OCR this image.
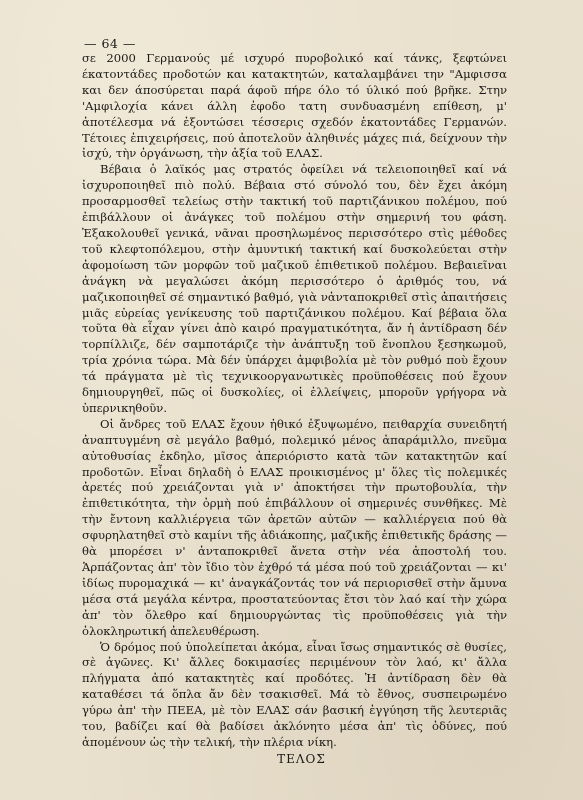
— 64 —

σε 2000 Γερμανούς μέ ισχυρό πυροβολικό καί τάνκς, ξεφτώνει έκατοντάδες προδοτών και κατακτητών, καταλαμβάνει την "Αμφισσα και δεν άποσύρεται παρά άφοῦ πήρε όλο τό ύλικό πού βρῆκε. Στην 'Αμφιλοχία κάνει άλλη ἐφοδο τατη συνδυασμένη επίθεση, μ' ἀποτέλεσμα νά ἐξοντώσει τέσσερις σχεδόν ἑκατοντάδες Γερμανών. Τέτοιες ἐπιχειρήσεις, πού ἀποτελοῦν ἀληθινές μάχες πιά, δείχνουν τὴν ἰσχύ, τὴν ὀργάνωση, τὴν ἀξία τοῦ ΕΛΑΣ.

Βέβαια ὁ λαϊκός μας στρατός ὀφείλει νά τελειοποιηθεῖ καί νά ἰσχυροποιηθεῖ πιὸ πολύ. Βέβαια στό σύνολό του, δὲν ἔχει ἀκόμη προσαρμοσθεῖ τελείως στὴν τακτική τοῦ παρτιζάνικου πολέμου, πού ἐπιβάλλουν οἱ ἀνάγκες τοῦ πολέμου στὴν σημερινή του φάση. Ἐξακολουθεῖ γενικά, νᾶναι προσηλωμένος περισσότερο στὶς μέθοδες τοῦ κλεφτοπόλεμου, στὴν ἀμυντική τακτική καί δυσκολεύεται στὴν ἀφομοίωση τῶν μορφῶν τοῦ μαζικοῦ ἐπιθετικοῦ πολέμου. Βεβαιεῖναι ἀνάγκη νὰ μεγαλώσει ἀκόμη περισσότερο ὁ ἀριθμός του, νά μαζικοποιηθεῖ σέ σημαντικό βαθμό, γιὰ νἀνταποκριθεῖ στὶς ἀπαιτήσεις μιᾶς εὑρείας γενίκευσης τοῦ παρτιζάνικου πολέμου. Καί βέβαια ὅλα τοῦτα θὰ εἶχαν γίνει ἀπὸ καιρό πραγματικότητα, ἄν ἡ ἀντίδραση δέν τορπίλλιζε, δέν σαμποτάριζε τὴν ἀνάπτυξη τοῦ ἔνοπλου ξεσηκωμοῦ, τρία χρόνια τώρα. Μὰ δέν ὑπάρχει ἀμφιβολία μὲ τὸν ρυθμό ποὺ ἔχουν τά πράγματα μὲ τὶς τεχνικοοργανωτικὲς προϋποθέσεις πού ἔχουν δημιουργηθεῖ, πῶς οἱ δυσκολίες, οἱ ἐλλείψεις, μποροῦν γρήγορα νὰ ὑπερνικηθοῦν.

Οἱ ἄνδρες τοῦ ΕΛΑΣ ἔχουν ἠθικό ἐξυψωμένο, πειθαρχία συνειδητή ἀναπτυγμένη σὲ μεγάλο βαθμό, πολεμικό μένος ἀπαράμιλλο, πνεῦμα αὐτοθυσίας ἐκδηλο, μῖσος ἀπεριόριστο κατὰ τῶν κατακτητῶν καί προδοτῶν. Εἶναι δηλαδὴ ὁ ΕΛΑΣ προικισμένος μ' ὅλες τὶς πολεμικές ἀρετές πού χρειάζονται γιὰ ν' ἀποκτήσει τὴν πρωτοβουλία, τὴν ἐπιθετικότητα, τὴν ὁρμὴ πού ἐπιβάλλουν οἱ σημερινές συνθῆκες. Μὲ τὴν ἔντονη καλλιέργεια τῶν ἀρετῶν αὐτῶν — καλλιέργεια πού θὰ σφυρηλατηθεῖ στὸ καμίνι τῆς ἀδιάκοπης, μαζικῆς ἐπιθετικῆς δράσης — θὰ μπορέσει ν' ἀνταποκριθεῖ ἄνετα στὴν νέα ἀποστολή του. Ἁρπάζοντας ἀπ' τὸν ἴδιο τὸν ἐχθρό τά μέσα πού τοῦ χρειάζονται — κι' ἰδίως πυρομαχικά — κι' ἀναγκάζοντάς τον νά περιορισθεῖ στὴν ἄμυνα μέσα στά μεγάλα κέντρα, προστατεύοντας ἔτσι τὸν λαό καί τὴν χώρα ἀπ' τὸν ὄλεθρο καί δημιουργώντας τὶς προϋποθέσεις γιὰ τὴν ὁλοκληρωτική ἀπελευθέρωση.

Ὁ δρόμος πού ὑπολείπεται ἀκόμα, εἶναι ἴσως σημαντικός σὲ θυσίες, σὲ ἀγῶνες. Κι' ἄλλες δοκιμασίες περιμένουν τὸν λαό, κι' ἄλλα πλήγματα ἀπό κατακτητὲς καί προδότες. Ἡ ἀντίδραση δὲν θὰ καταθέσει τά ὅπλα ἄν δὲν τσακισθεῖ. Μά τὸ ἔθνος, συσπειρωμένο γύρω ἀπ' τὴν ΠΕΕΑ, μὲ τὸν ΕΛΑΣ σάν βασική ἐγγύηση τῆς λευτεριᾶς του, βαδίζει καί θὰ βαδίσει ἀκλόνητο μέσα ἀπ' τὶς ὀδύνες, πού ἀπομένουν ὡς τὴν τελική, τὴν πλέρια νίκη.

ΤΕΛΟΣ
